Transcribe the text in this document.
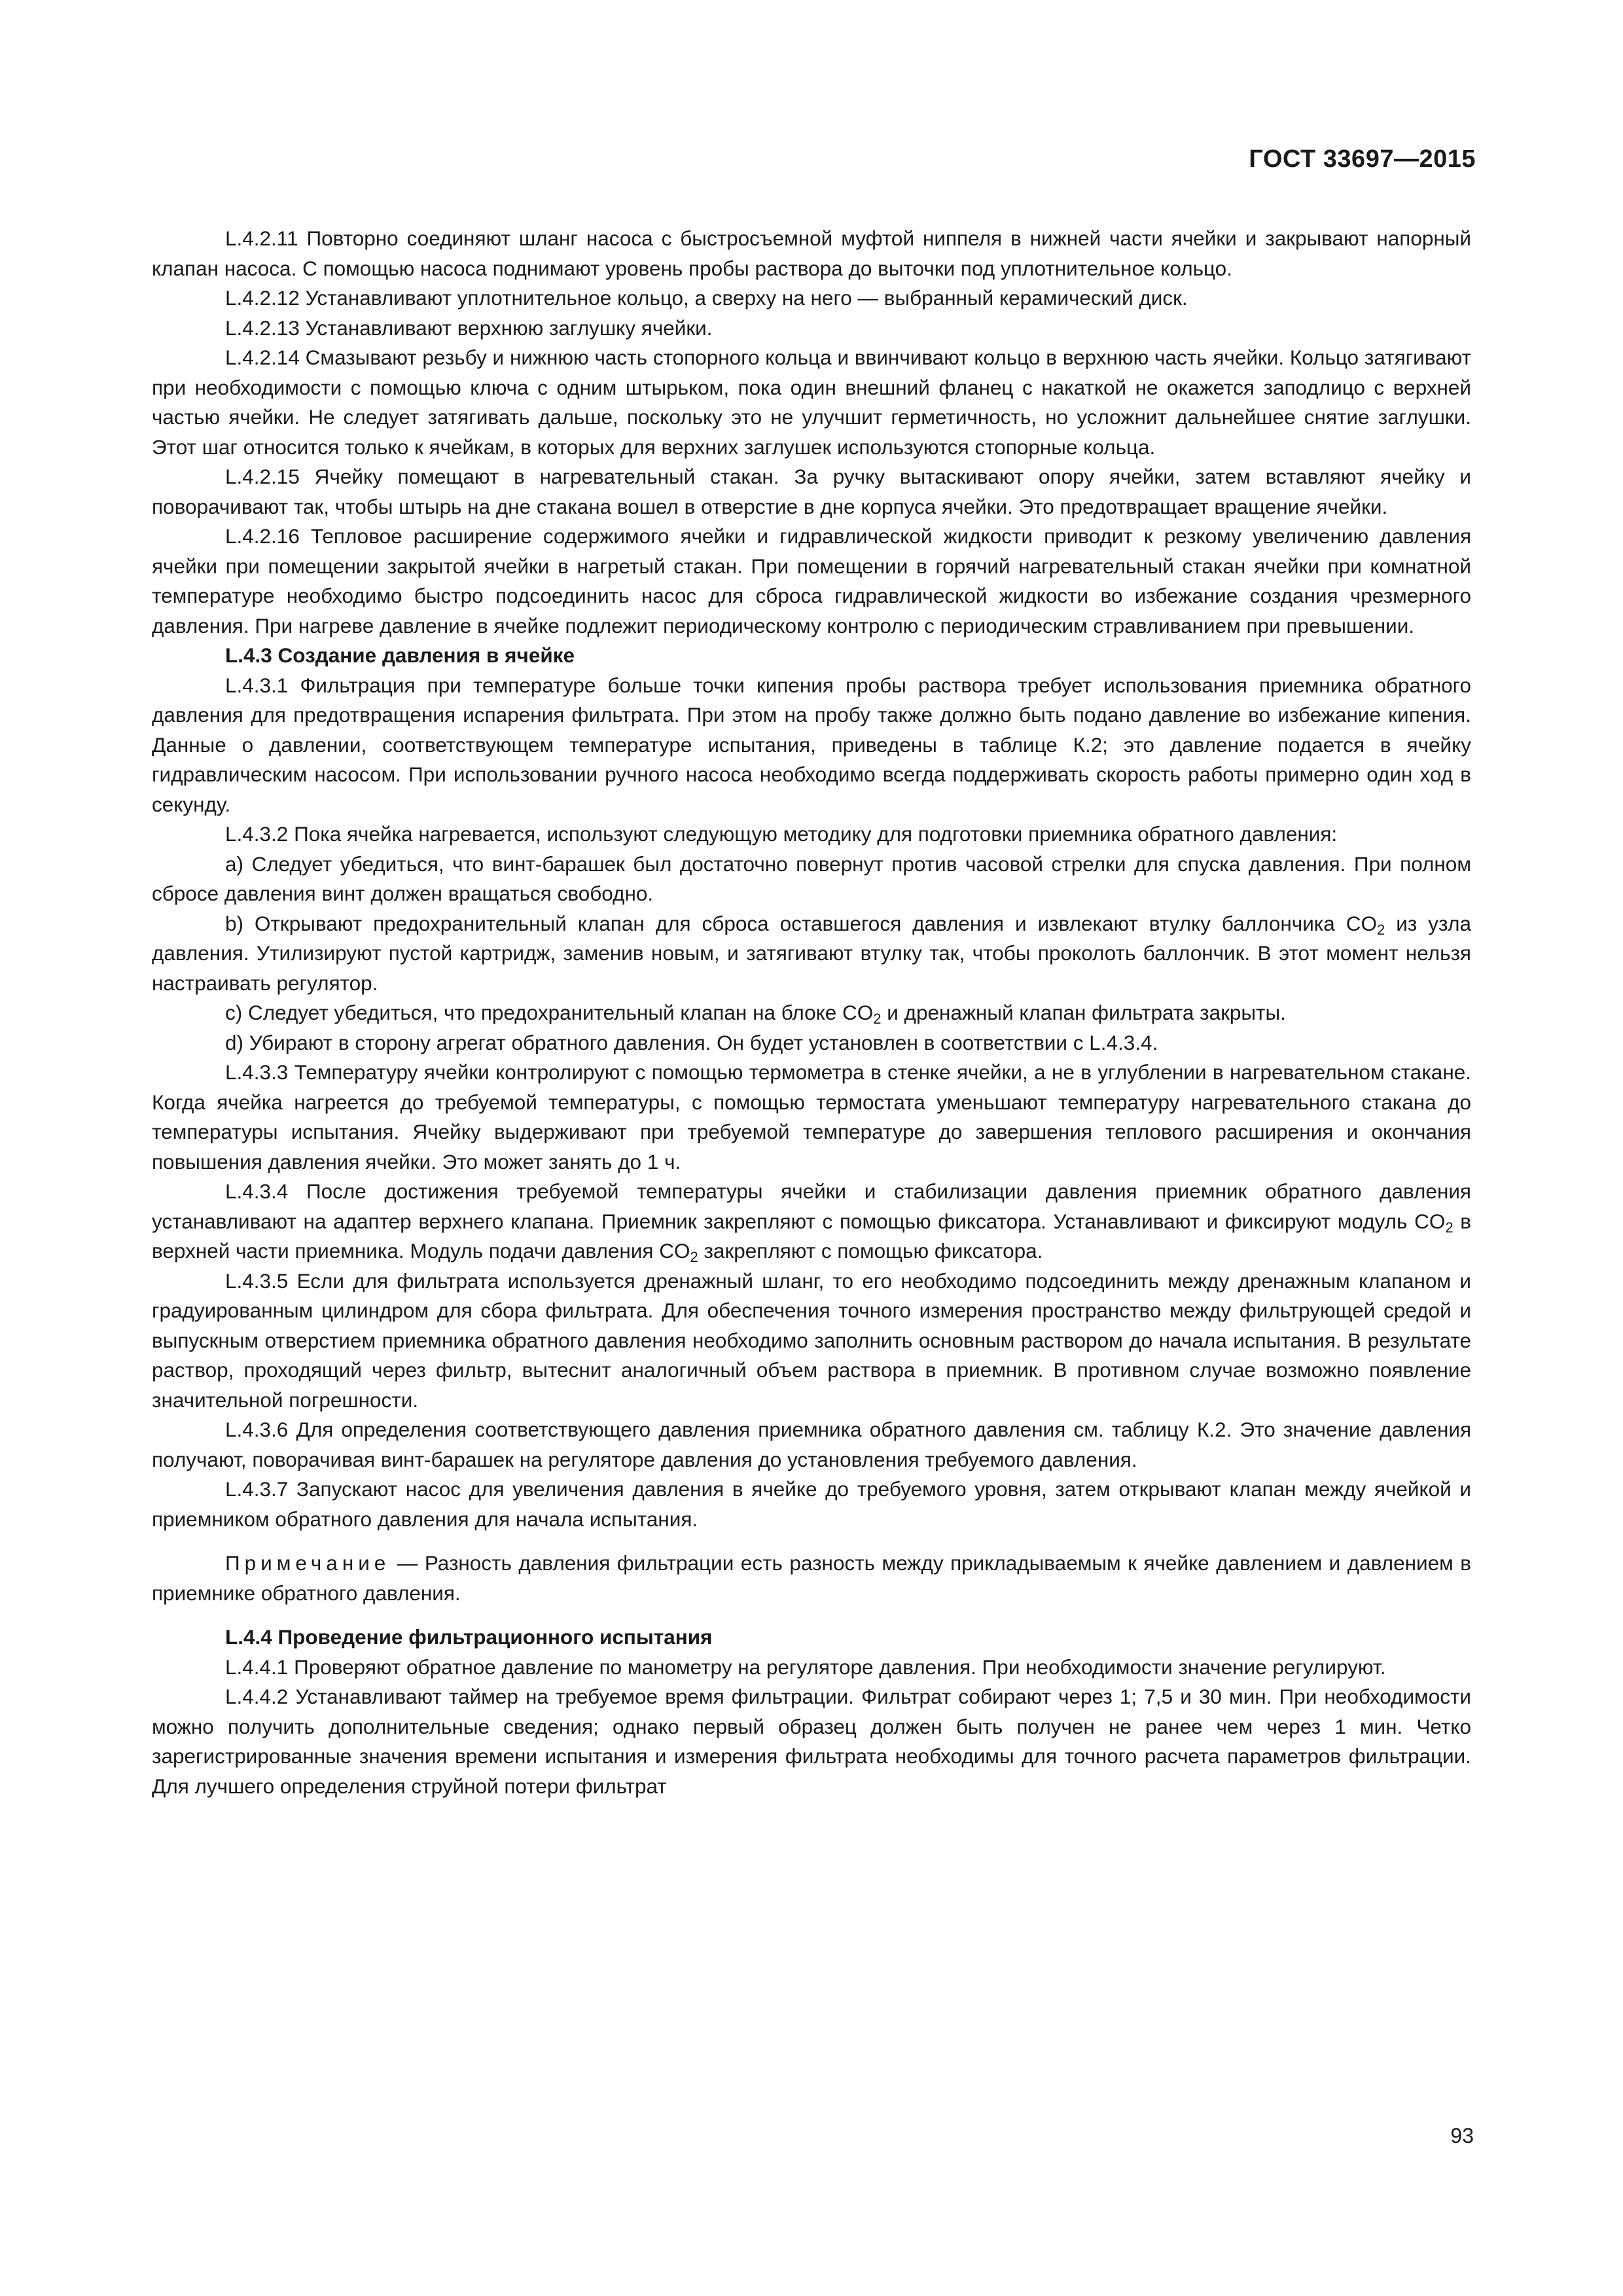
ГОСТ 33697—2015

L.4.2.11 Повторно соединяют шланг насоса с быстросъемной муфтой ниппеля в нижней части ячейки и закрывают напорный клапан насоса. С помощью насоса поднимают уровень пробы раствора до выточки под уплотнительное кольцо.

L.4.2.12 Устанавливают уплотнительное кольцо, а сверху на него — выбранный керамический диск.

L.4.2.13 Устанавливают верхнюю заглушку ячейки.

L.4.2.14 Смазывают резьбу и нижнюю часть стопорного кольца и ввинчивают кольцо в верхнюю часть ячейки. Кольцо затягивают при необходимости с помощью ключа с одним штырьком, пока один внешний фланец с накаткой не окажется заподлицо с верхней частью ячейки. Не следует затягивать дальше, поскольку это не улучшит герметичность, но усложнит дальнейшее снятие заглушки. Этот шаг относится только к ячейкам, в которых для верхних заглушек используются стопорные кольца.

L.4.2.15 Ячейку помещают в нагревательный стакан. За ручку вытаскивают опору ячейки, затем вставляют ячейку и поворачивают так, чтобы штырь на дне стакана вошел в отверстие в дне корпуса ячейки. Это предотвращает вращение ячейки.

L.4.2.16 Тепловое расширение содержимого ячейки и гидравлической жидкости приводит к резкому увеличению давления ячейки при помещении закрытой ячейки в нагретый стакан. При помещении в горячий нагревательный стакан ячейки при комнатной температуре необходимо быстро подсоединить насос для сброса гидравлической жидкости во избежание создания чрезмерного давления. При нагреве давление в ячейке подлежит периодическому контролю с периодическим стравливанием при превышении.

L.4.3 Создание давления в ячейке

L.4.3.1 Фильтрация при температуре больше точки кипения пробы раствора требует использования приемника обратного давления для предотвращения испарения фильтрата. При этом на пробу также должно быть подано давление во избежание кипения. Данные о давлении, соответствующем температуре испытания, приведены в таблице К.2; это давление подается в ячейку гидравлическим насосом. При использовании ручного насоса необходимо всегда поддерживать скорость работы примерно один ход в секунду.

L.4.3.2 Пока ячейка нагревается, используют следующую методику для подготовки приемника обратного давления:

a) Следует убедиться, что винт-барашек был достаточно повернут против часовой стрелки для спуска давления. При полном сбросе давления винт должен вращаться свободно.

b) Открывают предохранительный клапан для сброса оставшегося давления и извлекают втулку баллончика $CO_2$ из узла давления. Утилизируют пустой картридж, заменив новым, и затягивают втулку так, чтобы проколоть баллончик. В этот момент нельзя настраивать регулятор.

c) Следует убедиться, что предохранительный клапан на блоке $CO_2$ и дренажный клапан фильтрата закрыты.

d) Убирают в сторону агрегат обратного давления. Он будет установлен в соответствии с L.4.3.4.

L.4.3.3 Температуру ячейки контролируют с помощью термометра в стенке ячейки, а не в углублении в нагревательном стакане. Когда ячейка нагреется до требуемой температуры, с помощью термостата уменьшают температуру нагревательного стакана до температуры испытания. Ячейку выдерживают при требуемой температуре до завершения теплового расширения и окончания повышения давления ячейки. Это может занять до 1 ч.

L.4.3.4 После достижения требуемой температуры ячейки и стабилизации давления приемник обратного давления устанавливают на адаптер верхнего клапана. Приемник закрепляют с помощью фиксатора. Устанавливают и фиксируют модуль $CO_2$ в верхней части приемника. Модуль подачи давления $CO_2$ закрепляют с помощью фиксатора.

L.4.3.5 Если для фильтрата используется дренажный шланг, то его необходимо подсоединить между дренажным клапаном и градуированным цилиндром для сбора фильтрата. Для обеспечения точного измерения пространство между фильтрующей средой и выпускным отверстием приемника обратного давления необходимо заполнить основным раствором до начала испытания. В результате раствор, проходящий через фильтр, вытеснит аналогичный объем раствора в приемник. В противном случае возможно появление значительной погрешности.

L.4.3.6 Для определения соответствующего давления приемника обратного давления см. таблицу К.2. Это значение давления получают, поворачивая винт-барашек на регуляторе давления до установления требуемого давления.

L.4.3.7 Запускают насос для увеличения давления в ячейке до требуемого уровня, затем открывают клапан между ячейкой и приемником обратного давления для начала испытания.

Примечание — Разность давления фильтрации есть разность между прикладываемым к ячейке давлением и давлением в приемнике обратного давления.

L.4.4 Проведение фильтрационного испытания

L.4.4.1 Проверяют обратное давление по манометру на регуляторе давления. При необходимости значение регулируют.

L.4.4.2 Устанавливают таймер на требуемое время фильтрации. Фильтрат собирают через 1; 7,5 и 30 мин. При необходимости можно получить дополнительные сведения; однако первый образец должен быть получен не ранее чем через 1 мин. Четко зарегистрированные значения времени испытания и измерения фильтрата необходимы для точного расчета параметров фильтрации. Для лучшего определения струйной потери фильтрат

93
